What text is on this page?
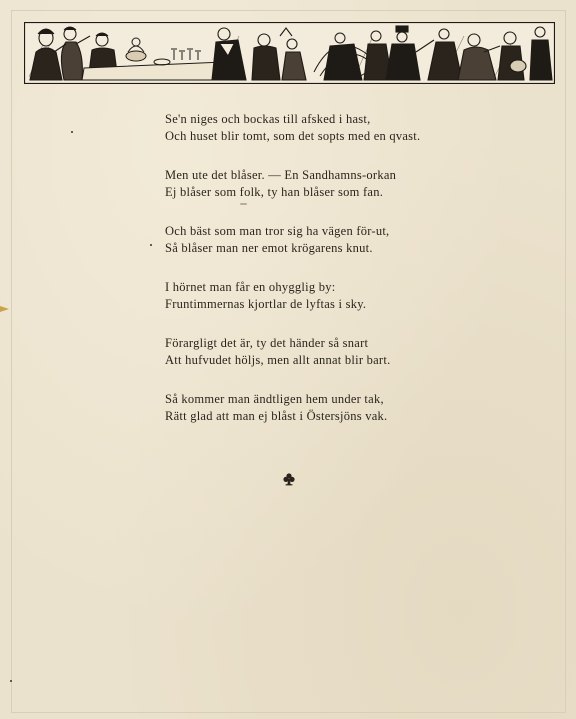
Se'n niges och bockas till afsked i hast,
Och huset blir tomt, som det sopts med en qvast.

Men ute det blåser. — En Sandhamns-orkan
Ej blåser som folk, ty han blåser som fan.

Och bäst som man tror sig ha vägen för-ut,
Så blåser man ner emot krögarens knut.

I hörnet man får en ohygglig by:
Fruntimmernas kjortlar de lyftas i sky.

Förargligt det är, ty det händer så snart
Att hufvudet höljs, men allt annat blir bart.

Så kommer man ändtligen hem under tak,
Rätt glad att man ej blåst i Östersjöns vak.
